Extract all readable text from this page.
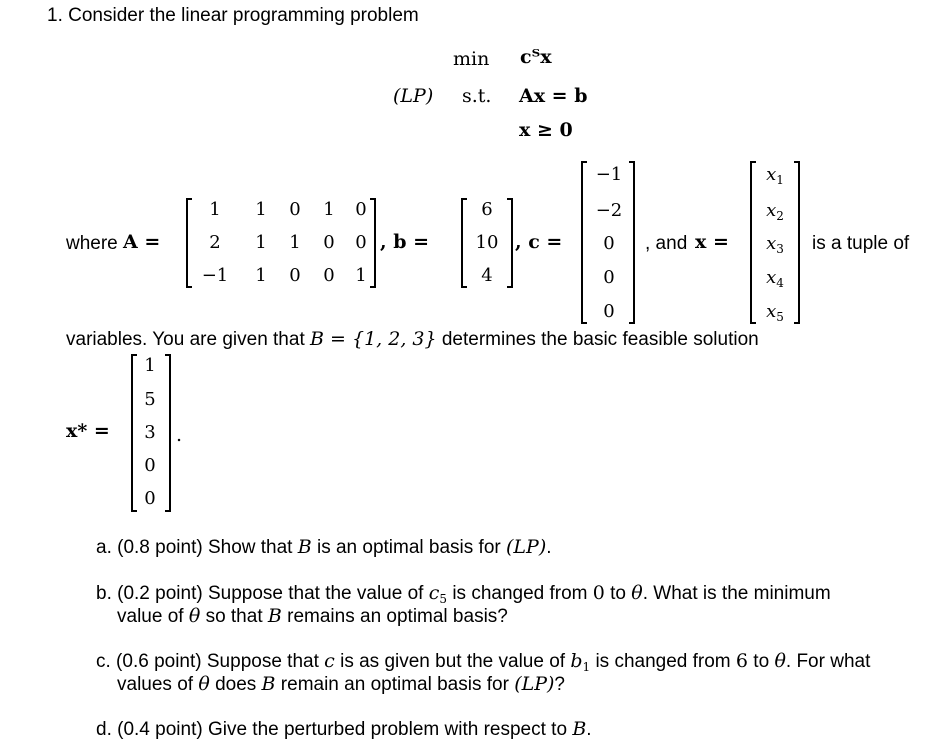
1. Consider the linear programming problem
min cᵀx
(LP) s.t. Ax = b
x ≥ 0
where A =
1	1	0	1	0
2	1	1	0	0
−1	1	0	0	1
, b =
6
10
4
, c =
−1
−2
0
0
0
, and x =
$x_1$
$x_2$
$x_3$
$x_4$
$x_5$
is a tuple of
variables. You are given that B = {1, 2, 3} determines the basic feasible solution
x* =
1
5
3
0
0
.
a. (0.8 point) Show that B is an optimal basis for (LP).
b. (0.2 point) Suppose that the value of $c_5$ is changed from 0 to θ. What is the minimum
value of θ so that B remains an optimal basis?
c. (0.6 point) Suppose that c is as given but the value of $b_1$ is changed from 6 to θ. For what
values of θ does B remain an optimal basis for (LP)?
d. (0.4 point) Give the perturbed problem with respect to B.
